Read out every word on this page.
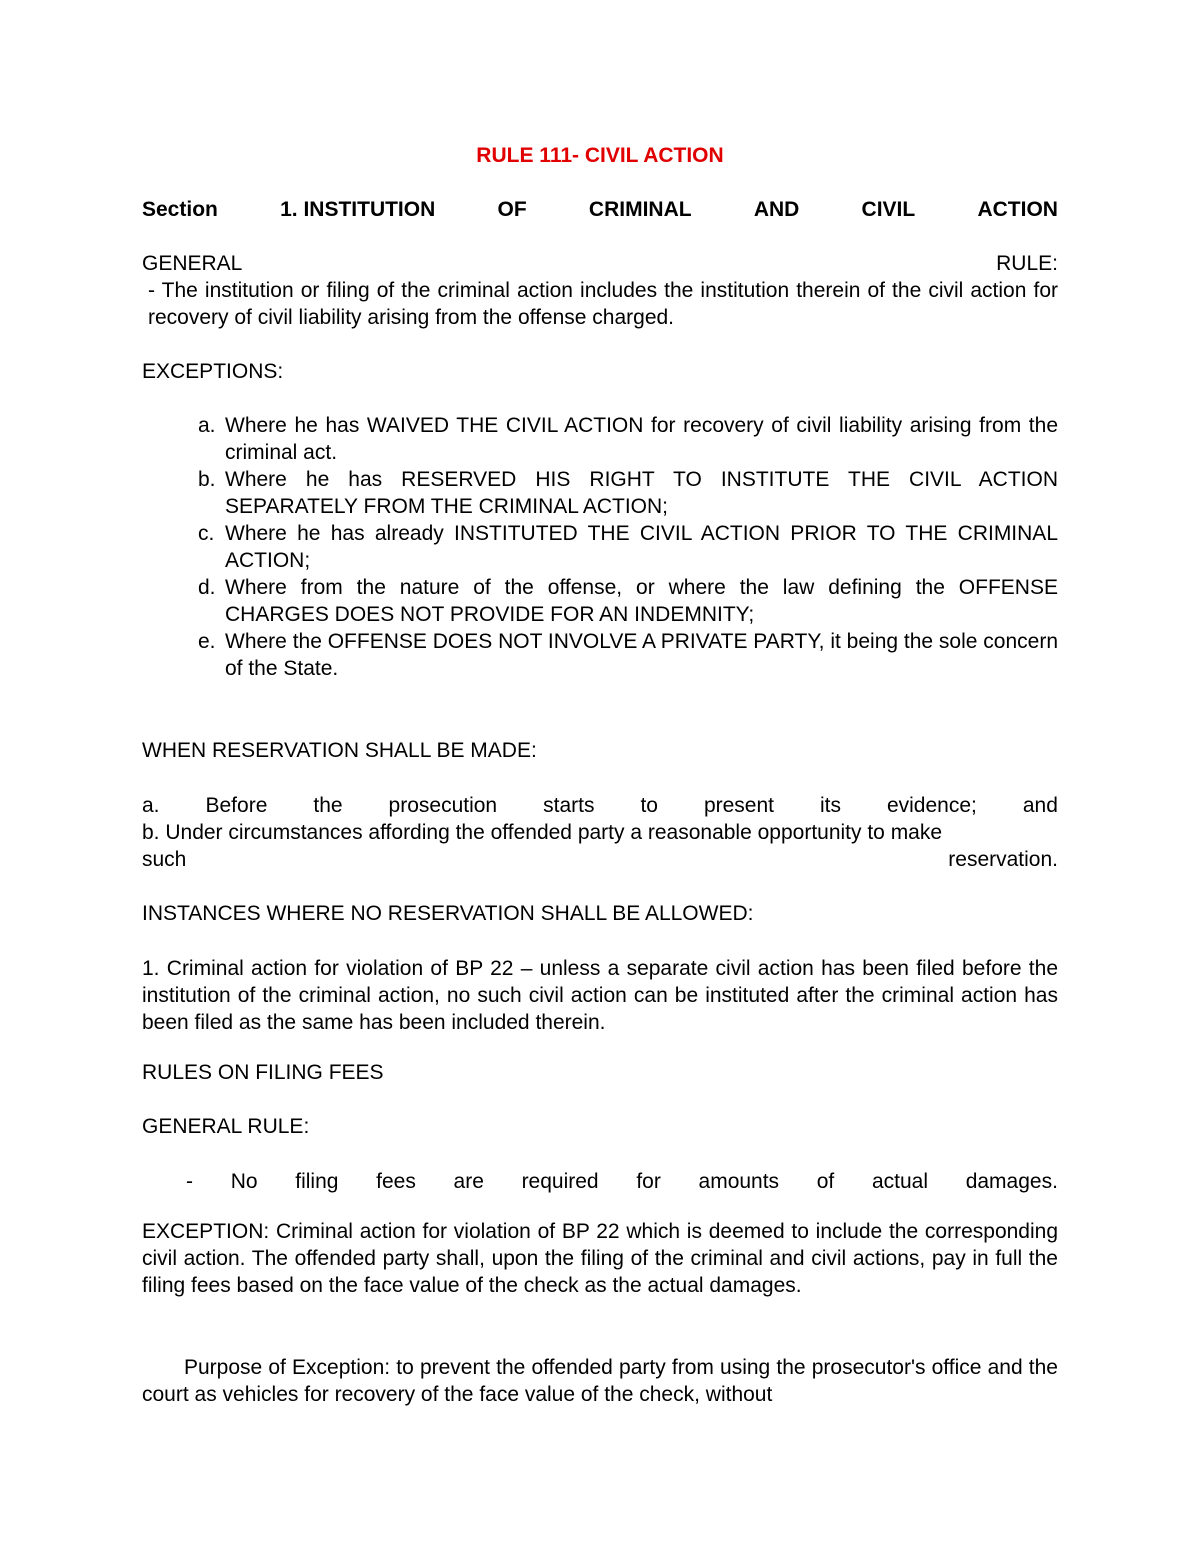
RULE 111- CIVIL ACTION
Section	1. INSTITUTION	OF	CRIMINAL	AND	CIVIL	ACTION
GENERAL	RULE:
- The institution or filing of the criminal action includes the institution therein of the civil action for recovery of civil liability arising from the offense charged.
EXCEPTIONS:
a. Where he has WAIVED THE CIVIL ACTION for recovery of civil liability arising from the criminal act.
b. Where he has RESERVED HIS RIGHT TO INSTITUTE THE CIVIL ACTION SEPARATELY FROM THE CRIMINAL ACTION;
c. Where he has already INSTITUTED THE CIVIL ACTION PRIOR TO THE CRIMINAL ACTION;
d. Where from the nature of the offense, or where the law defining the OFFENSE CHARGES DOES NOT PROVIDE FOR AN INDEMNITY;
e. Where the OFFENSE DOES NOT INVOLVE A PRIVATE PARTY, it being the sole concern of the State.
WHEN RESERVATION SHALL BE MADE:
a. Before the prosecution starts to present its evidence; and
b. Under circumstances affording the offended party a reasonable opportunity to make
such	reservation.
INSTANCES WHERE NO RESERVATION SHALL BE ALLOWED:
1. Criminal action for violation of BP 22 – unless a separate civil action has been filed before the institution of the criminal action, no such civil action can be instituted after the criminal action has been filed as the same has been included therein.
RULES ON FILING FEES
GENERAL RULE:
- No filing fees are required for amounts of actual damages.
EXCEPTION: Criminal action for violation of BP 22 which is deemed to include the corresponding civil action. The offended party shall, upon the filing of the criminal and civil actions, pay in full the filing fees based on the face value of the check as the actual damages.
Purpose of Exception: to prevent the offended party from using the prosecutor's office and the court as vehicles for recovery of the face value of the check, without
